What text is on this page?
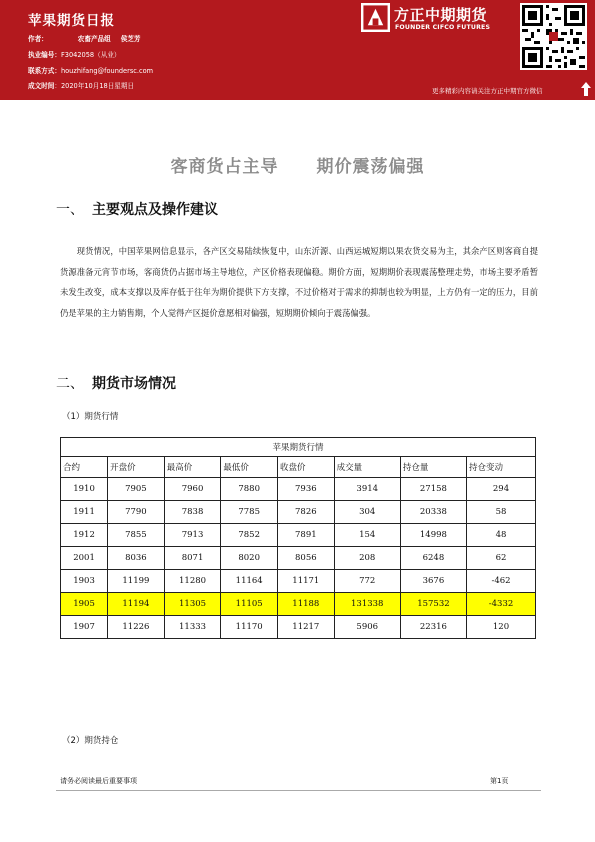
苹果期货日报
作者：	农畜产品组 侯芝芳
执业编号：F3042058（从业）
联系方式：houzhifang@foundersc.com
成文时间：2020年10月18日星期日
方正中期期货
FOUNDER CIFCO FUTURES
更多精彩内容请关注方正中期官方微信
客商货占主导 期价震荡偏强
一、 主要观点及操作建议
　　现货情况，中国苹果网信息显示，各产区交易陆续恢复中，山东沂源、山西运城短期以果农货交易为主，其余产区则客商自提货源准备元宵节市场，客商货仍占据市场主导地位，产区价格表现偏稳。期价方面，短期期价表现震荡整理走势，市场主要矛盾暂未发生改变，成本支撑以及库存低于往年为期价提供下方支撑，不过价格对于需求的抑制也较为明显，上方仍有一定的压力，目前仍是苹果的主力销售期，个人觉得产区挺价意愿相对偏强，短期期价倾向于震荡偏强。
二、 期货市场情况
（1）期货行情
苹果期货行情							
合约	开盘价	最高价	最低价	收盘价	成交量	持仓量	持仓变动
1910	7905	7960	7880	7936	3914	27158	294
1911	7790	7838	7785	7826	304	20338	58
1912	7855	7913	7852	7891	154	14998	48
2001	8036	8071	8020	8056	208	6248	62
1903	11199	11280	11164	11171	772	3676	-462
1905	11194	11305	11105	11188	131338	157532	-4332
1907	11226	11333	11170	11217	5906	22316	120
（2）期货持仓
请务必阅读最后重要事项	第1页
